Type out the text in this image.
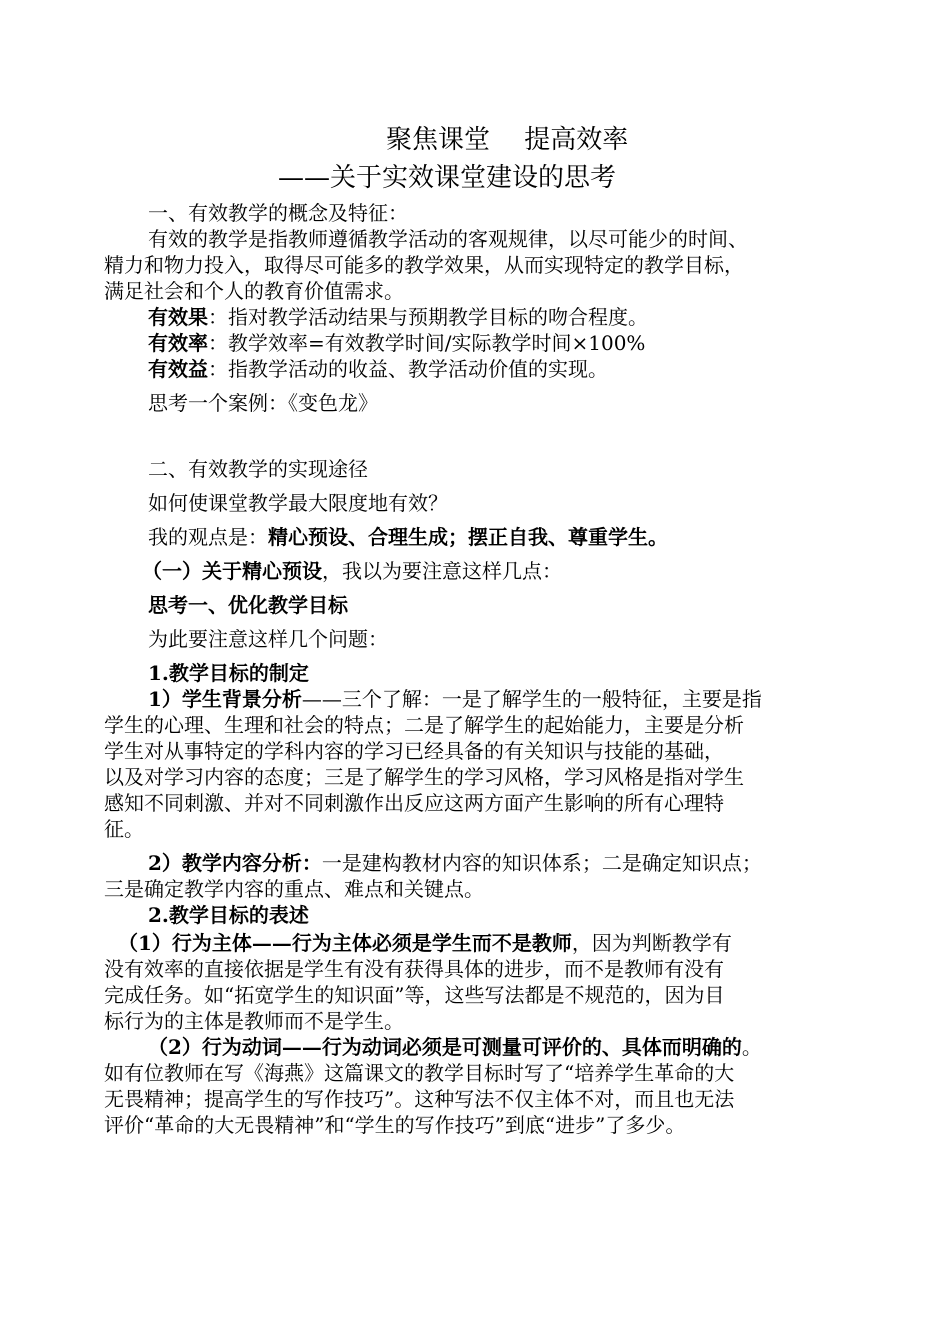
聚焦课堂　 提高效率
——关于实效课堂建设的思考
一、有效教学的概念及特征：
有效的教学是指教师遵循教学活动的客观规律，以尽可能少的时间、
精力和物力投入，取得尽可能多的教学效果，从而实现特定的教学目标，
满足社会和个人的教育价值需求。
有效果：指对教学活动结果与预期教学目标的吻合程度。
有效率：教学效率=有效教学时间/实际教学时间×100%
有效益：指教学活动的收益、教学活动价值的实现。
思考一个案例：《变色龙》
二、有效教学的实现途径
如何使课堂教学最大限度地有效？
我的观点是：精心预设、合理生成；摆正自我、尊重学生。
（一）关于精心预设，我以为要注意这样几点：
思考一、优化教学目标
为此要注意这样几个问题：
1.教学目标的制定
1）学生背景分析——三个了解：一是了解学生的一般特征，主要是指
学生的心理、生理和社会的特点；二是了解学生的起始能力，主要是分析
学生对从事特定的学科内容的学习已经具备的有关知识与技能的基础，
以及对学习内容的态度；三是了解学生的学习风格，学习风格是指对学生
感知不同刺激、并对不同刺激作出反应这两方面产生影响的所有心理特
征。
2）教学内容分析：一是建构教材内容的知识体系；二是确定知识点；
三是确定教学内容的重点、难点和关键点。
2.教学目标的表述
（1）行为主体——行为主体必须是学生而不是教师，因为判断教学有
没有效率的直接依据是学生有没有获得具体的进步，而不是教师有没有
完成任务。如“拓宽学生的知识面”等，这些写法都是不规范的，因为目
标行为的主体是教师而不是学生。
（2）行为动词——行为动词必须是可测量可评价的、具体而明确的。
如有位教师在写《海燕》这篇课文的教学目标时写了“培养学生革命的大
无畏精神；提高学生的写作技巧”。这种写法不仅主体不对，而且也无法
评价“革命的大无畏精神”和“学生的写作技巧”到底“进步”了多少。
